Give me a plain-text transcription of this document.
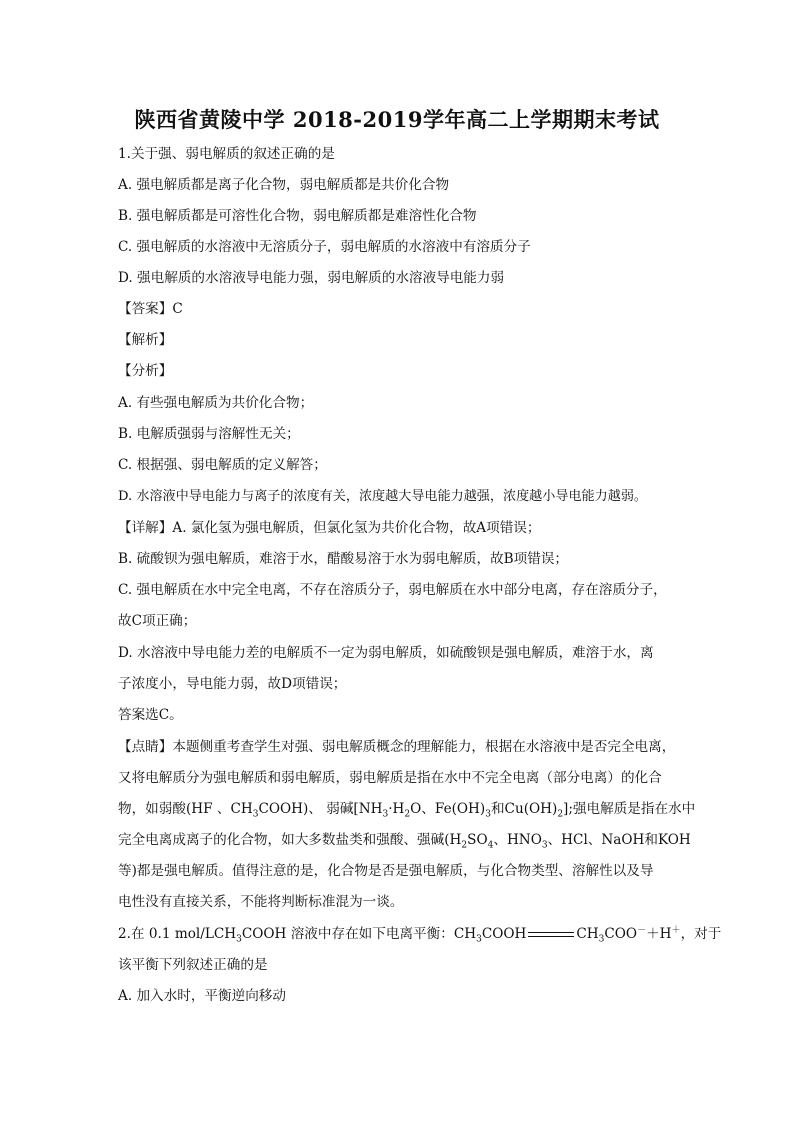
陕西省黄陵中学 2018-2019学年高二上学期期末考试
1.关于强、弱电解质的叙述正确的是
A. 强电解质都是离子化合物，弱电解质都是共价化合物
B. 强电解质都是可溶性化合物，弱电解质都是难溶性化合物
C. 强电解质的水溶液中无溶质分子，弱电解质的水溶液中有溶质分子
D. 强电解质的水溶液导电能力强，弱电解质的水溶液导电能力弱
【答案】C
【解析】
【分析】
A. 有些强电解质为共价化合物；
B. 电解质强弱与溶解性无关；
C. 根据强、弱电解质的定义解答；
D. 水溶液中导电能力与离子的浓度有关，浓度越大导电能力越强，浓度越小导电能力越弱。
【详解】A. 氯化氢为强电解质，但氯化氢为共价化合物，故A项错误；
B. 硫酸钡为强电解质，难溶于水，醋酸易溶于水为弱电解质，故B项错误；
C. 强电解质在水中完全电离，不存在溶质分子，弱电解质在水中部分电离，存在溶质分子，
故C项正确；
D. 水溶液中导电能力差的电解质不一定为弱电解质，如硫酸钡是强电解质，难溶于水，离
子浓度小，导电能力弱，故D项错误；
答案选C。
【点睛】本题侧重考查学生对强、弱电解质概念的理解能力，根据在水溶液中是否完全电离，
又将电解质分为强电解质和弱电解质，弱电解质是指在水中不完全电离（部分电离）的化合
物，如弱酸(HF 、$CH_3COOH$)、 弱碱[$NH_3\cdot H_2O$、$Fe(OH)_3$和$Cu(OH)_2$];强电解质是指在水中
完全电离成离子的化合物，如大多数盐类和强酸、强碱($H_2SO_4$、$HNO_3$、HCl、NaOH和KOH
等)都是强电解质。值得注意的是，化合物是否是强电解质，与化合物类型、溶解性以及导
电性没有直接关系，不能将判断标准混为一谈。
2.在 0.1 mol/$LCH_3COOH$ 溶液中存在如下电离平衡：$CH_3COOH$	$CH_3COO^-+H^+$，对于
该平衡下列叙述正确的是
A. 加入水时，平衡逆向移动
